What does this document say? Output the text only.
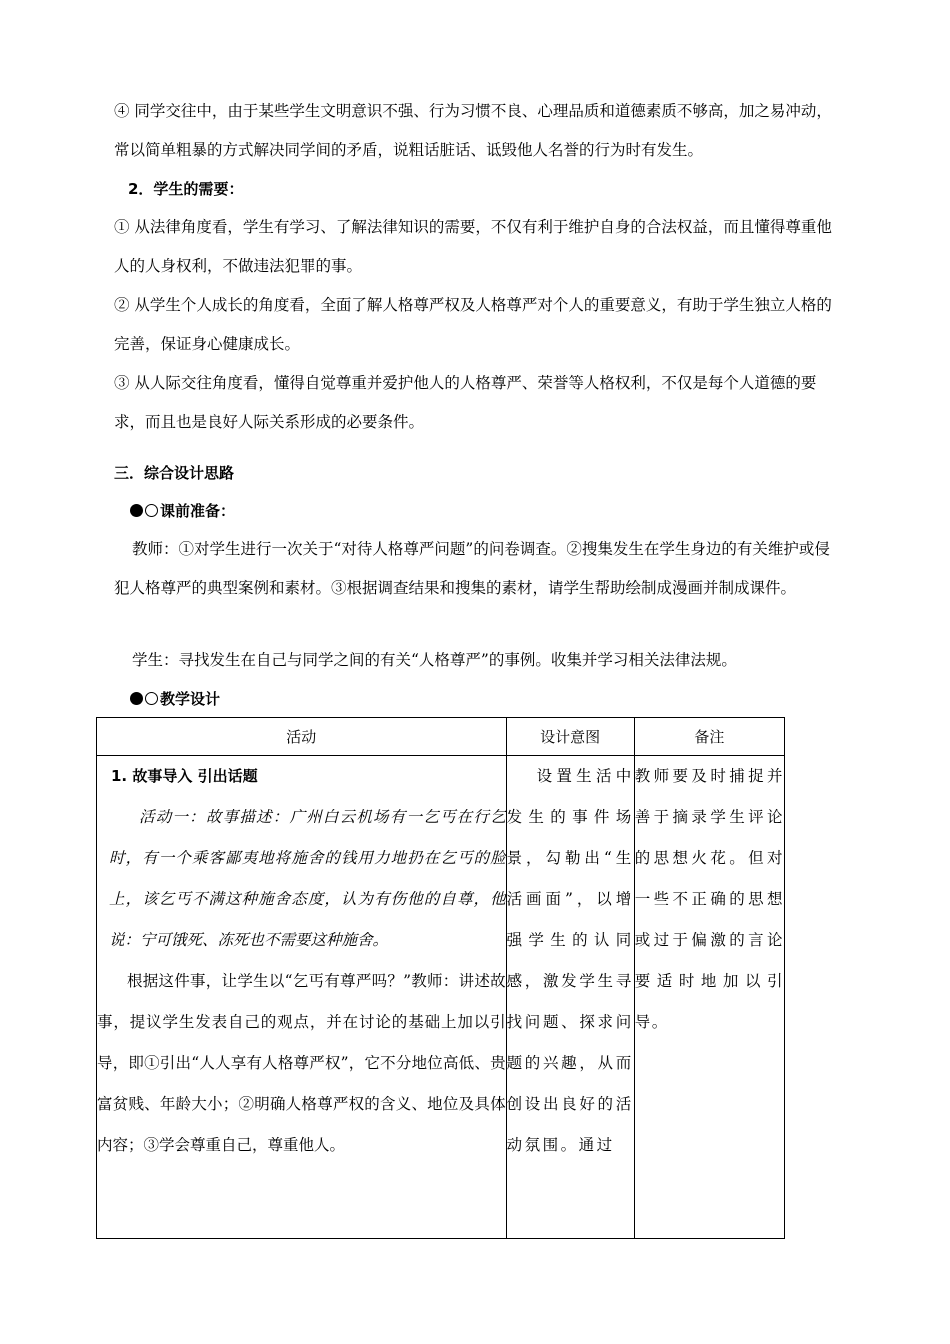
④ 同学交往中，由于某些学生文明意识不强、行为习惯不良、心理品质和道德素质不够高，加之易冲动，常以简单粗暴的方式解决同学间的矛盾，说粗话脏话、诋毁他人名誉的行为时有发生。

2．学生的需要：

① 从法律角度看，学生有学习、了解法律知识的需要，不仅有利于维护自身的合法权益，而且懂得尊重他人的人身权利，不做违法犯罪的事。

② 从学生个人成长的角度看，全面了解人格尊严权及人格尊严对个人的重要意义，有助于学生独立人格的完善，保证身心健康成长。

③ 从人际交往角度看，懂得自觉尊重并爱护他人的人格尊严、荣誉等人格权利，不仅是每个人道德的要求，而且也是良好人际关系形成的必要条件。

三．综合设计思路

课前准备：

教师：①对学生进行一次关于“对待人格尊严问题”的问卷调查。②搜集发生在学生身边的有关维护或侵犯人格尊严的典型案例和素材。③根据调查结果和搜集的素材，请学生帮助绘制成漫画并制成课件。

学生：寻找发生在自己与同学之间的有关“人格尊严”的事例。收集并学习相关法律法规。

教学设计

活动	设计意图	备注

1. 故事导入 引出话题
活动一：故事描述：广州白云机场有一乞丐在行乞时，有一个乘客鄙夷地将施舍的钱用力地扔在乞丐的脸上，该乞丐不满这种施舍态度，认为有伤他的自尊，他说：宁可饿死、冻死也不需要这种施舍。
根据这件事，让学生以“乞丐有尊严吗？”教师：讲述故事，提议学生发表自己的观点，并在讨论的基础上加以引导，即①引出“人人享有人格尊严权”，它不分地位高低、贵富贫贱、年龄大小；②明确人格尊严权的含义、地位及具体内容；③学会尊重自己，尊重他人。	设置生活中发生的事件场景，勾勒出“生活画面”，以增强学生的认同感，激发学生寻找问题、探求问题的兴趣，从而创设出良好的活动氛围。通过	教师要及时捕捉并善于摘录学生评论的思想火花。但对一些不正确的思想或过于偏激的言论要适时地加以引导。
